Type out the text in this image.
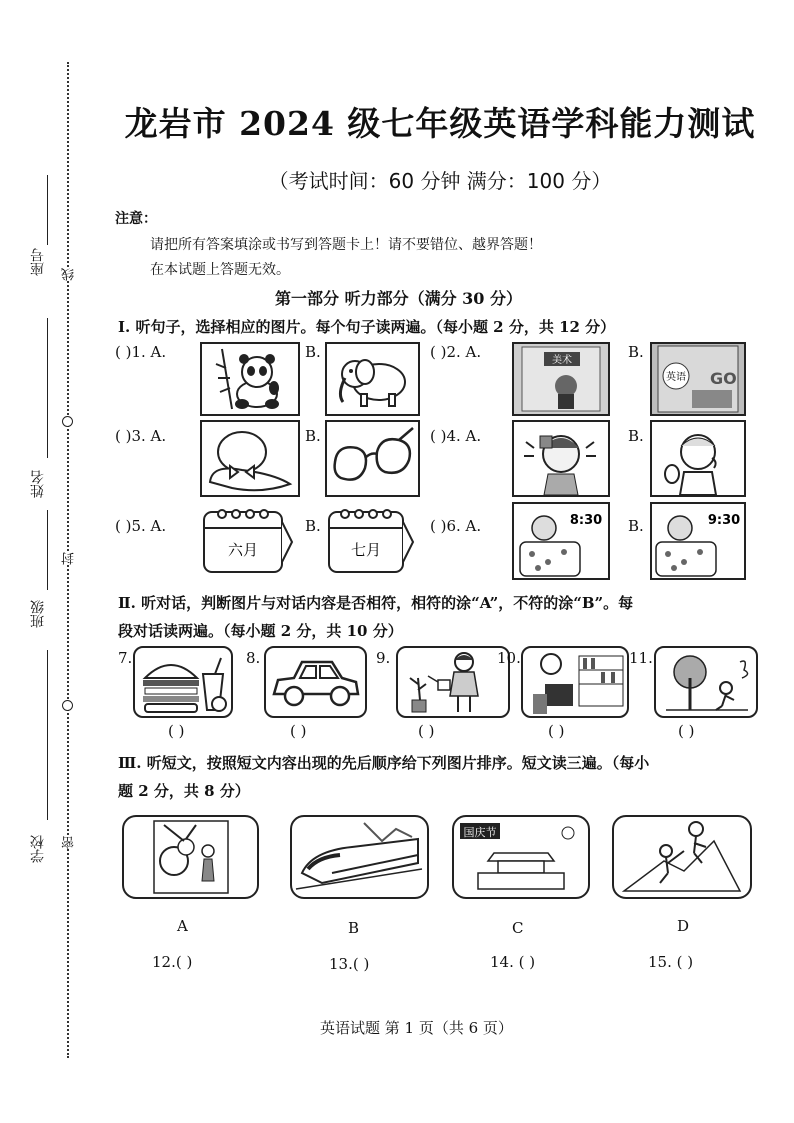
座号 线
姓名
封
班级
学校 密
龙岩市 2024 级七年级英语学科能力测试
（考试时间：60 分钟 满分：100 分）
注意：
请把所有答案填涂或书写到答题卡上！请不要错位、越界答题！
在本试题上答题无效。
第一部分 听力部分（满分 30 分）
Ⅰ. 听句子，选择相应的图片。每个句子读两遍。（每小题 2 分，共 12 分）
( )1. A.	B.	( )2. A.	美术	B.
英语 GO
( )3. A.	B.	( )4. A.	B.
( )5. A.
六月
B.
七月
( )6. A.	8:30 B.	9:30
Ⅱ. 听对话，判断图片与对话内容是否相符，相符的涂“A”，不符的涂“B”。每
段对话读两遍。（每小题 2 分，共 10 分）
7.
( )
8.
( )
9.
( )
10.
( )
11.
( )
Ⅲ. 听短文，按照短文内容出现的先后顺序给下列图片排序。短文读三遍。（每小
题 2 分，共 8 分）
国庆节
A	B	C	D
12.( )	13.( )	14. ( )	15. ( )
英语试题 第 1 页（共 6 页）
